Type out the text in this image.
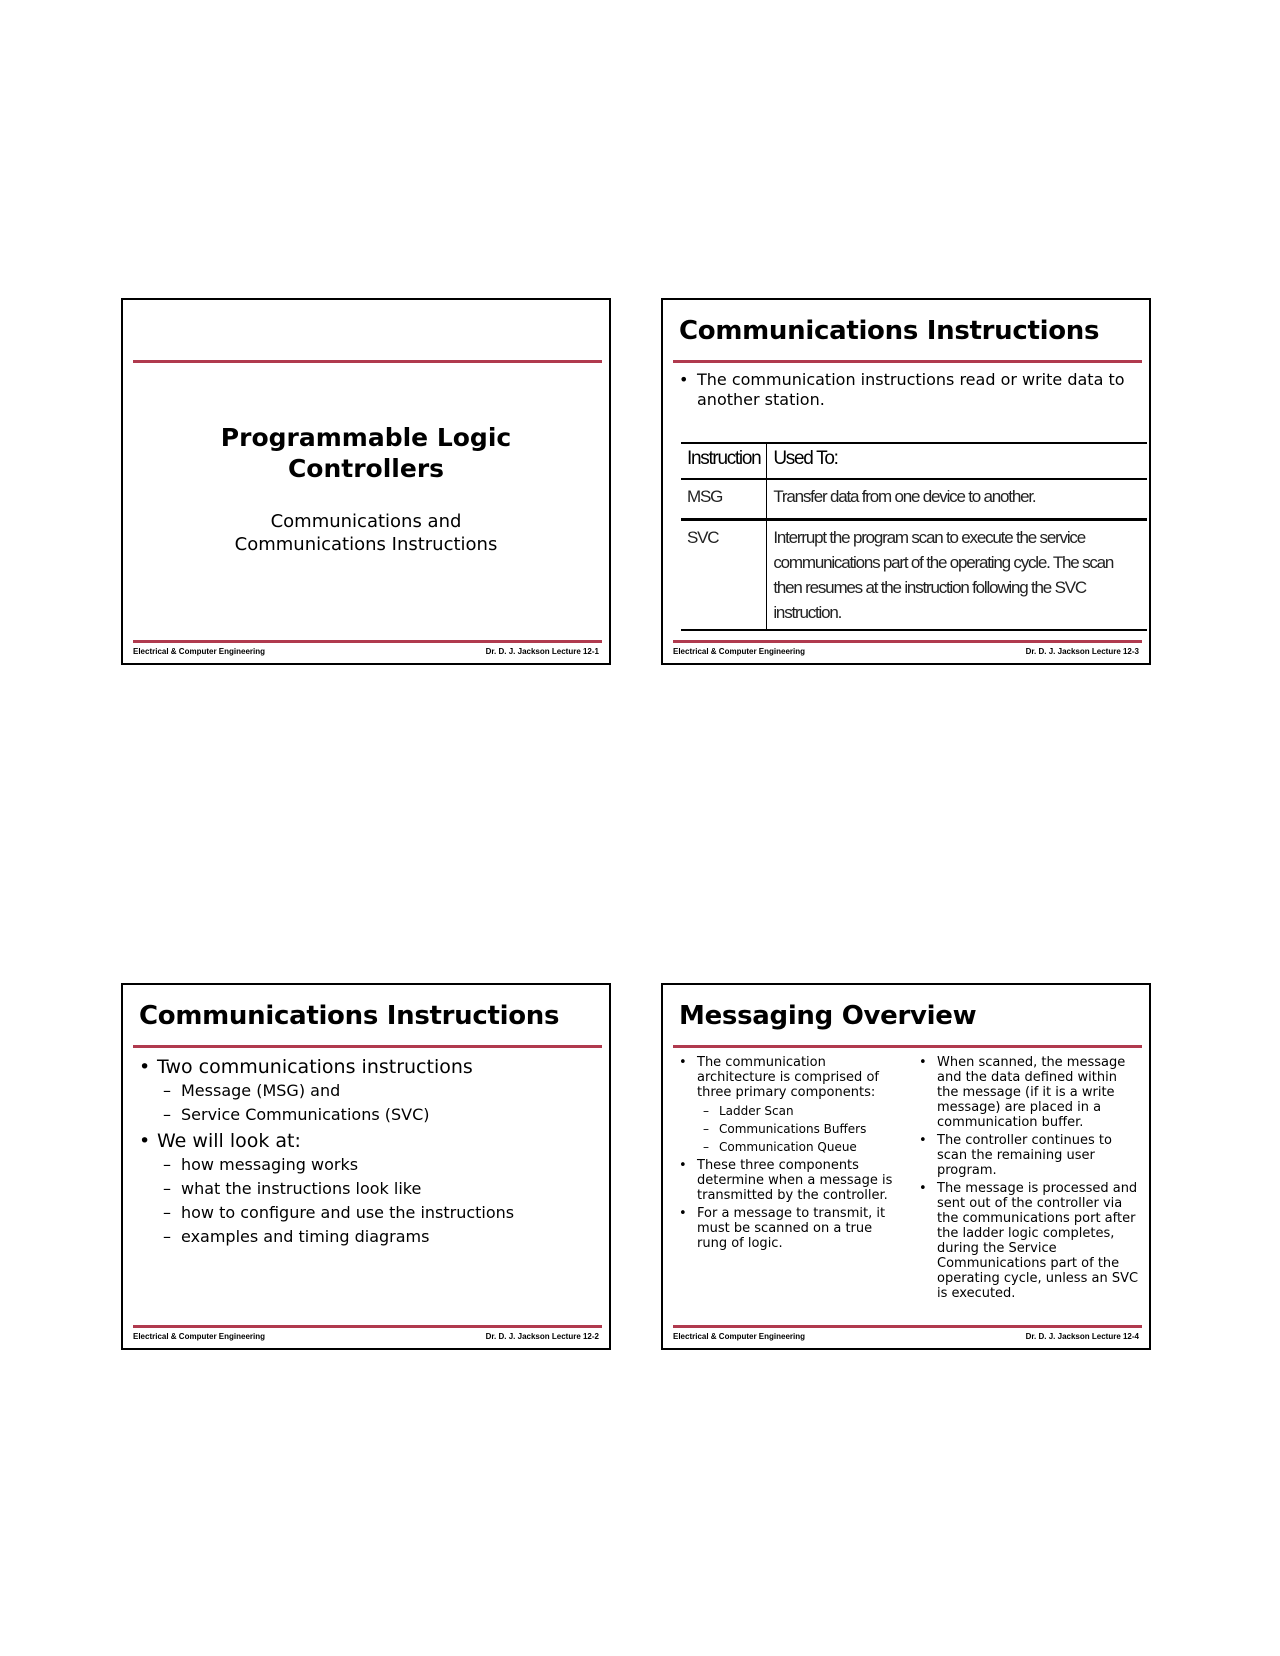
Programmable Logic
Controllers
Communications and
Communications Instructions
Electrical & Computer Engineering	Dr. D. J. Jackson Lecture 12-1
Communications Instructions
• The communication instructions read or write data to another station.
Instruction	Used To:
MSG	Transfer data from one device to another.
SVC	Interrupt the program scan to execute the service communications part of the operating cycle. The scan then resumes at the instruction following the SVC instruction.
Electrical & Computer Engineering	Dr. D. J. Jackson Lecture 12-3
Communications Instructions
• Two communications instructions
– Message (MSG) and
– Service Communications (SVC)
• We will look at:
– how messaging works
– what the instructions look like
– how to configure and use the instructions
– examples and timing diagrams
Electrical & Computer Engineering	Dr. D. J. Jackson Lecture 12-2
Messaging Overview
• The communication architecture is comprised of three primary components:
– Ladder Scan
– Communications Buffers
– Communication Queue
• These three components determine when a message is transmitted by the controller.
• For a message to transmit, it must be scanned on a true rung of logic.
• When scanned, the message and the data defined within the message (if it is a write message) are placed in a communication buffer.
• The controller continues to scan the remaining user program.
• The message is processed and sent out of the controller via the communications port after the ladder logic completes, during the Service Communications part of the operating cycle, unless an SVC is executed.
Electrical & Computer Engineering	Dr. D. J. Jackson Lecture 12-4
